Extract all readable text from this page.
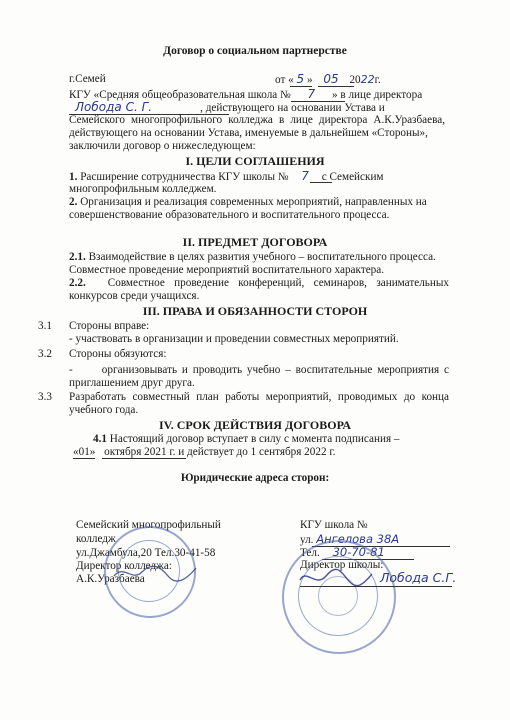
Договор о социальном партнерстве
г.Семей	от « 5 » 05 2022г.
КГУ «Средняя общеобразовательная школа № 7 » в лице директора
Лобода С. Г.	, действующего на основании Устава и
Семейского многопрофильного колледжа в лице директора А.К.Уразбаева,
действующего на основании Устава, именуемые в дальнейшем «Стороны»,
заключили договор о нижеследующем:
I. ЦЕЛИ СОГЛАШЕНИЯ
1. Расширение сотрудничества КГУ школы № 7 с Семейским
многопрофильным колледжем.
2. Организация и реализация современных мероприятий, направленных на
совершенствование образовательного и воспитательного процесса.
II. ПРЕДМЕТ ДОГОВОРА
2.1. Взаимодействие в целях развития учебного – воспитательного процесса.
Совместное проведение мероприятий воспитательного характера.
2.2. Совместное проведение конференций, семинаров, занимательных
конкурсов среди учащихся.
III. ПРАВА И ОБЯЗАННОСТИ СТОРОН
3.1 Стороны вправе:
- участвовать в организации и проведении совместных мероприятий.
3.2 Стороны обязуются:
-      организовывать и проводить учебно – воспитательные мероприятия с
приглашением друг друга.
3.3 Разработать совместный план работы мероприятий, проводимых до конца
учебного года.
IV. СРОК ДЕЙСТВИЯ ДОГОВОРА
4.1 Настоящий договор вступает в силу с момента подписания –
«01» октября 2021 г. и действует до 1 сентября 2022 г.
Юридические адреса сторон:
Семейский многопрофильный
колледж
ул.Джамбула,20 Тел.30-41-58
Директор колледжа:
А.К.Уразбаева
КГУ школа №
ул. Ангелова 38А
Тел. 30-70-81
Директор школы:
Лобода С.Г.
